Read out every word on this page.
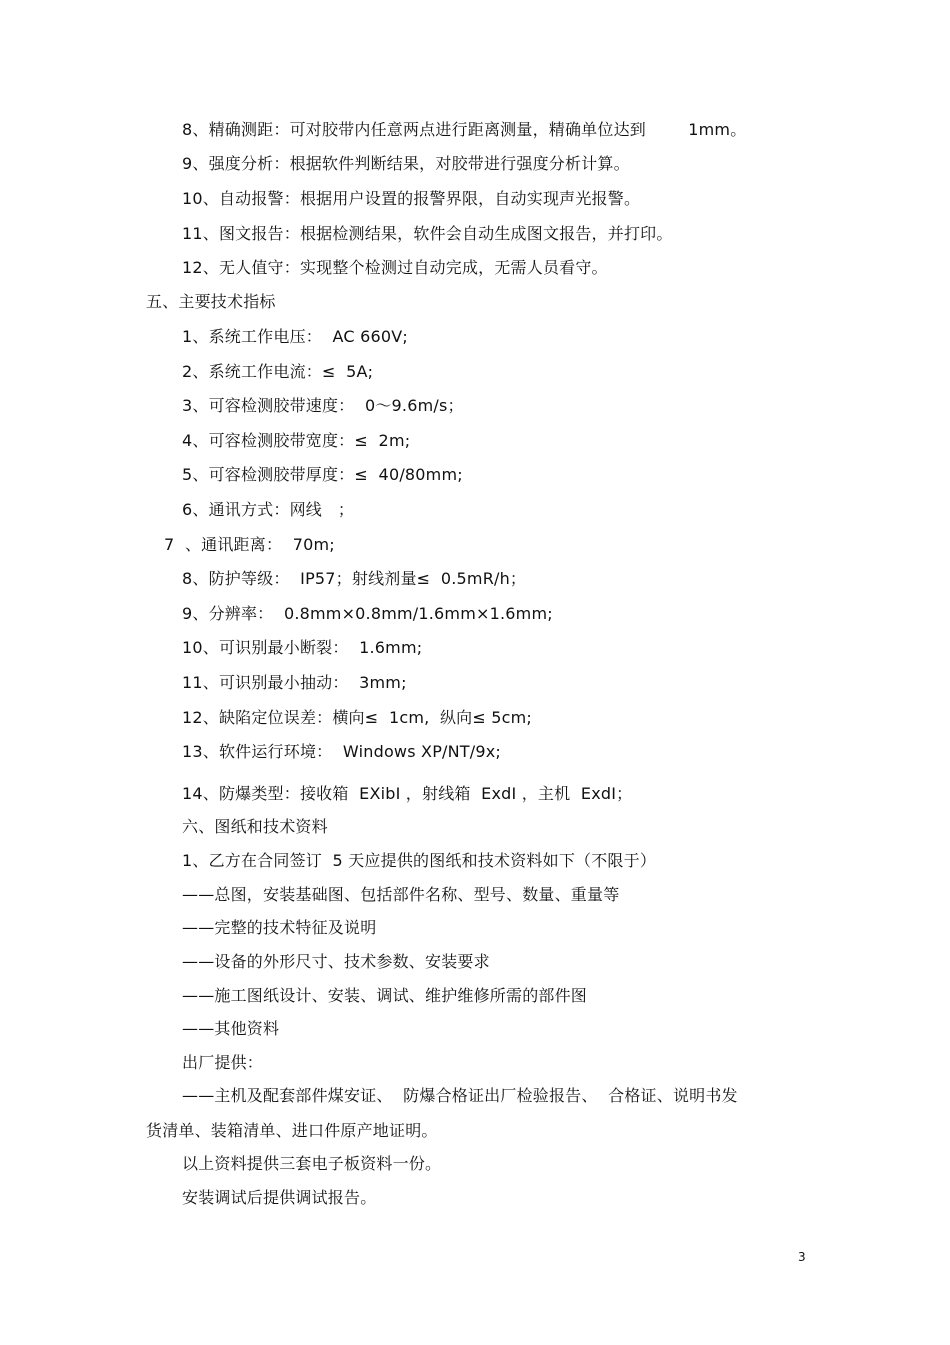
8、精确测距：可对胶带内任意两点进行距离测量，精确单位达到        1mm。
9、强度分析：根据软件判断结果，对胶带进行强度分析计算。
10、自动报警：根据用户设置的报警界限，自动实现声光报警。
11、图文报告：根据检测结果，软件会自动生成图文报告，并打印。
12、无人值守：实现整个检测过自动完成，无需人员看守。
五、主要技术指标
1、系统工作电压：  AC 660V;
2、系统工作电流：≤  5A;
3、可容检测胶带速度：  0～9.6m/s；
4、可容检测胶带宽度：≤  2m;
5、可容检测胶带厚度：≤  40/80mm;
6、通讯方式：网线   ；
7  、通讯距离：  70m;
8、防护等级：  IP57；射线剂量≤  0.5mR/h；
9、分辨率：  0.8mm×0.8mm/1.6mm×1.6mm;
10、可识别最小断裂：  1.6mm;
11、可识别最小抽动：  3mm;
12、缺陷定位误差：横向≤  1cm,  纵向≤ 5cm;
13、软件运行环境：  Windows XP/NT/9x;
14、防爆类型：接收箱  EXibI ，射线箱  ExdI ，主机  ExdI；
六、图纸和技术资料
1、乙方在合同签订  5 天应提供的图纸和技术资料如下（不限于）
——总图，安装基础图、包括部件名称、型号、数量、重量等
——完整的技术特征及说明
——设备的外形尺寸、技术参数、安装要求
——施工图纸设计、安装、调试、维护维修所需的部件图
——其他资料
出厂提供：
——主机及配套部件煤安证、  防爆合格证出厂检验报告、  合格证、说明书发
货清单、装箱清单、进口件原产地证明。
以上资料提供三套电子板资料一份。
安装调试后提供调试报告。
3
